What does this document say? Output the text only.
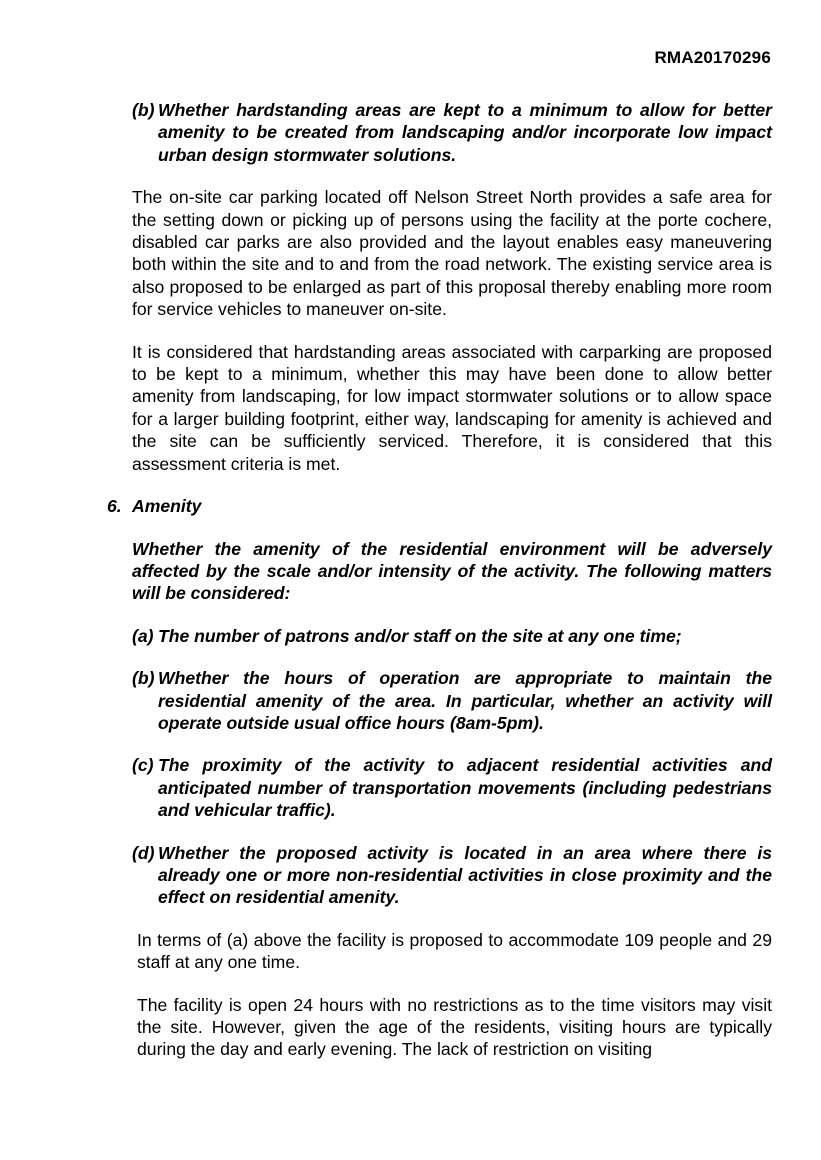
RMA20170296
(b) Whether hardstanding areas are kept to a minimum to allow for better amenity to be created from landscaping and/or incorporate low impact urban design stormwater solutions.

The on-site car parking located off Nelson Street North provides a safe area for the setting down or picking up of persons using the facility at the porte cochere, disabled car parks are also provided and the layout enables easy maneuvering both within the site and to and from the road network. The existing service area is also proposed to be enlarged as part of this proposal thereby enabling more room for service vehicles to maneuver on-site.

It is considered that hardstanding areas associated with carparking are proposed to be kept to a minimum, whether this may have been done to allow better amenity from landscaping, for low impact stormwater solutions or to allow space for a larger building footprint, either way, landscaping for amenity is achieved and the site can be sufficiently serviced. Therefore, it is considered that this assessment criteria is met.

6. Amenity

Whether the amenity of the residential environment will be adversely affected by the scale and/or intensity of the activity. The following matters will be considered:

(a) The number of patrons and/or staff on the site at any one time;
(b) Whether the hours of operation are appropriate to maintain the residential amenity of the area. In particular, whether an activity will operate outside usual office hours (8am-5pm).
(c) The proximity of the activity to adjacent residential activities and anticipated number of transportation movements (including pedestrians and vehicular traffic).
(d) Whether the proposed activity is located in an area where there is already one or more non-residential activities in close proximity and the effect on residential amenity.

In terms of (a) above the facility is proposed to accommodate 109 people and 29 staff at any one time.

The facility is open 24 hours with no restrictions as to the time visitors may visit the site. However, given the age of the residents, visiting hours are typically during the day and early evening. The lack of restriction on visiting
